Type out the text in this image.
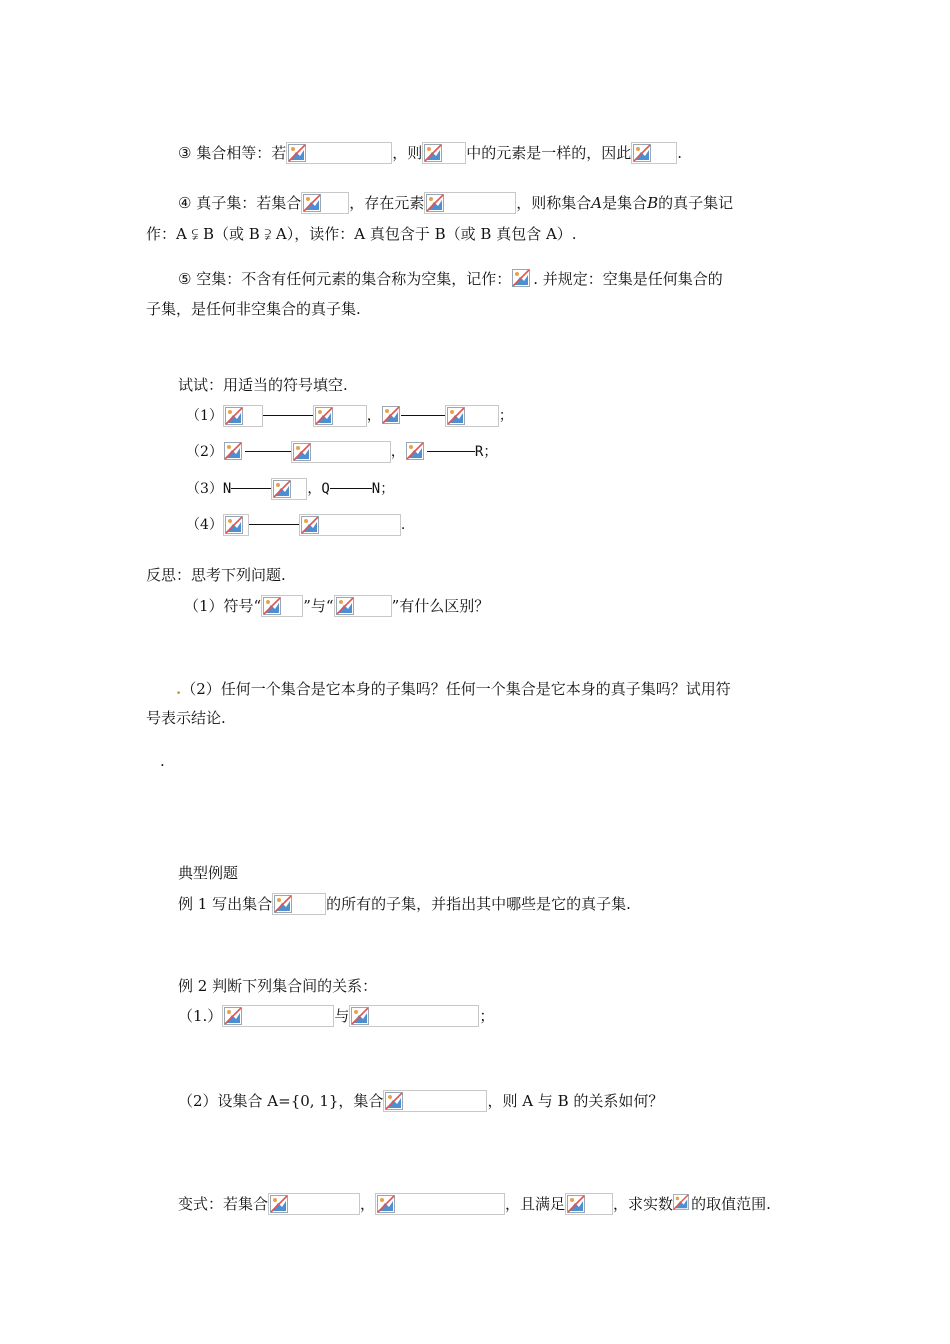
③
集合相等：若	，则	中的元素是一样的，因此	.
④
真子集：若集合	，存在元素	，则称集合 A 是集合 B 的真子集记
作：A ⫋ B（或 B ⫌ A），读作：A 真包含于 B（或 B 真包含 A）.
⑤
空集：不含有任何元素的集合称为空集，记作： . 并规定：空集是任何集合的
子集，是任何非空集合的真子集.
试试：用适当的符号填空.
（1）	，	；
（2）	，	R；
（3） N	， Q	N；
（4）	.
反思：思考下列问题.
（1）符号“	”与“	”有什么区别？
. （2）任何一个集合是它本身的子集吗？任何一个集合是它本身的真子集吗？试用符
号表示结论.
.
典型例题
例 1 写出集合	的所有的子集，并指出其中哪些是它的真子集.
例 2 判断下列集合间的关系：
（1.）	与	；
（2）设集合 A={0, 1}，集合	，则 A 与 B 的关系如何？
变式：若集合	，	，且满足	，求实数 的取值范围.
